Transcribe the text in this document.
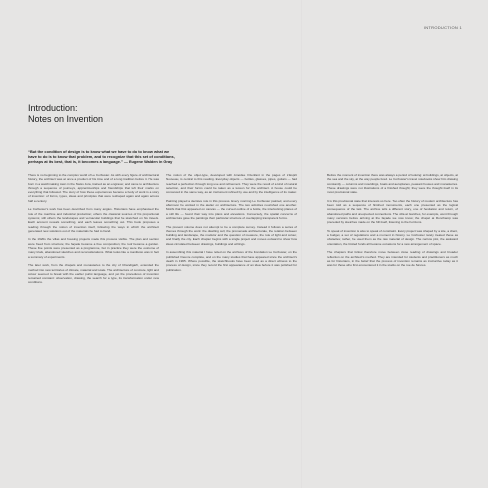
INTRODUCTION 1
Introduction:
Notes on Invention
“But the condition of design is to know what we have to do to know what we have to do is to know that problem, and to recognize that this set of conditions, perhaps at its best, that is, it becomes a language.” — Eugene Walden in Gray

There is no beginning to the complex world of Le Corbusier. As with every figure of architectural history, the architect was at once a product of his time and of a long tradition before it. He was born in a watchmaking town in the Swiss Jura, trained as an engraver, and came to architecture through a sequence of journeys, apprenticeships and friendships that left their marks on everything that followed. The story of how these experiences became a body of work is a story of invention: of forms, types, ideas and principles that were reshaped again and again across half a century.

Le Corbusier's work has been described from many angles. Historians have emphasised the role of the machine and industrial production; others the classical sources of his proportional systems; still others the landscapes and vernacular buildings that he sketched on his travels. Each account reveals something, and each leaves something out. This book proposes a reading through the notion of invention itself, following the ways in which the architect generated new solutions out of the materials he had to hand.

In the 1920s the villas and housing projects made this process visible. The plan and section were freed from structure; the façade became a free composition; the roof became a garden. These five points were presented as a programme, but in practice they were the outcome of many trials, abandoned sketches and reconsiderations. What looks like a manifesto was in fact a summary of experiments.

The later work, from the chapels and monasteries to the city of Chandigarh, extended the method into new territories of climate, material and scale. The architecture of concrete, light and colour seemed to break with the earlier purist language, and yet the procedures of invention remained constant: observation, drawing, the search for a type, its transformation under new conditions.

The notion of the objet-type, developed with Amédée Ozenfant in the pages of L'Esprit Nouveau, is central to this reading. Everyday objects — bottles, glasses, pipes, guitars — had reached a perfection through long use and refinement. They were the result of a kind of natural selection, and their forms could be taken as a lesson for the architect. A house could be conceived in the same way, as an instrument refined by use and by the intelligence of its maker.

Painting played a decisive role in this process. Every morning Le Corbusier painted, and every afternoon he worked in the atelier on architecture. The two activities nourished one another. Motifs that first appeared on canvas — the curved outline of a bottle, the interlocking planes of a still life — found their way into plans and elevations. Conversely, the spatial concerns of architecture gave the paintings their particular structure of overlapping transparent forms.

The present volume does not attempt to be a complete survey. Instead it follows a series of themes through the work: the dwelling cell, the promenade architecturale, the relation between building and landscape, the modulor and the question of measure, the role of light and colour, and finally the city. Each chapter begins with a single project and moves outward to show how ideas circulated between drawings, buildings and writings.

In assembling this material I have relied on the archives of the Fondation Le Corbusier, on the published Oeuvre complète, and on the many studies that have appeared since the architect's death in 1965. Where possible, the sketchbooks have been used as a direct witness to the process of design, since they record the first appearance of an idea before it was polished for publication.

Before the moment of invention there was always a period of looking: at buildings, at objects, at the sea and the sky, at the way people lived. Le Corbusier's travel notebooks show him drawing constantly — columns and mouldings, boats and aeroplanes, peasant houses and monasteries. These drawings were not illustrations of a finished thought; they were the thought itself in its most provisional state.

It is this provisional state that interests us here. Too often the history of modern architecture has been told as a sequence of finished monuments, each one presented as the logical consequence of the last. The archive tells a different story, one of hesitation and return, of abandoned paths and unexpected connections. The villa at Garches, for example, went through many versions before arriving at the façade we now know; the chapel at Ronchamp was preceded by sketches made on the hill itself, listening to the horizons.

To speak of invention is also to speak of constraint. Every project was shaped by a site, a client, a budget, a set of regulations and a moment in history. Le Corbusier rarely treated these as obstacles; rather, he used them as the raw material of design. The narrow plot, the awkward orientation, the limited funds all became occasions for a new arrangement of space.

The chapters that follow therefore move between close reading of drawings and broader reflection on the architect's method. They are intended for students and practitioners as much as for historians, in the belief that the process of invention remains as instructive today as it was for those who first encountered it in the studio on the rue de Sèvres.
